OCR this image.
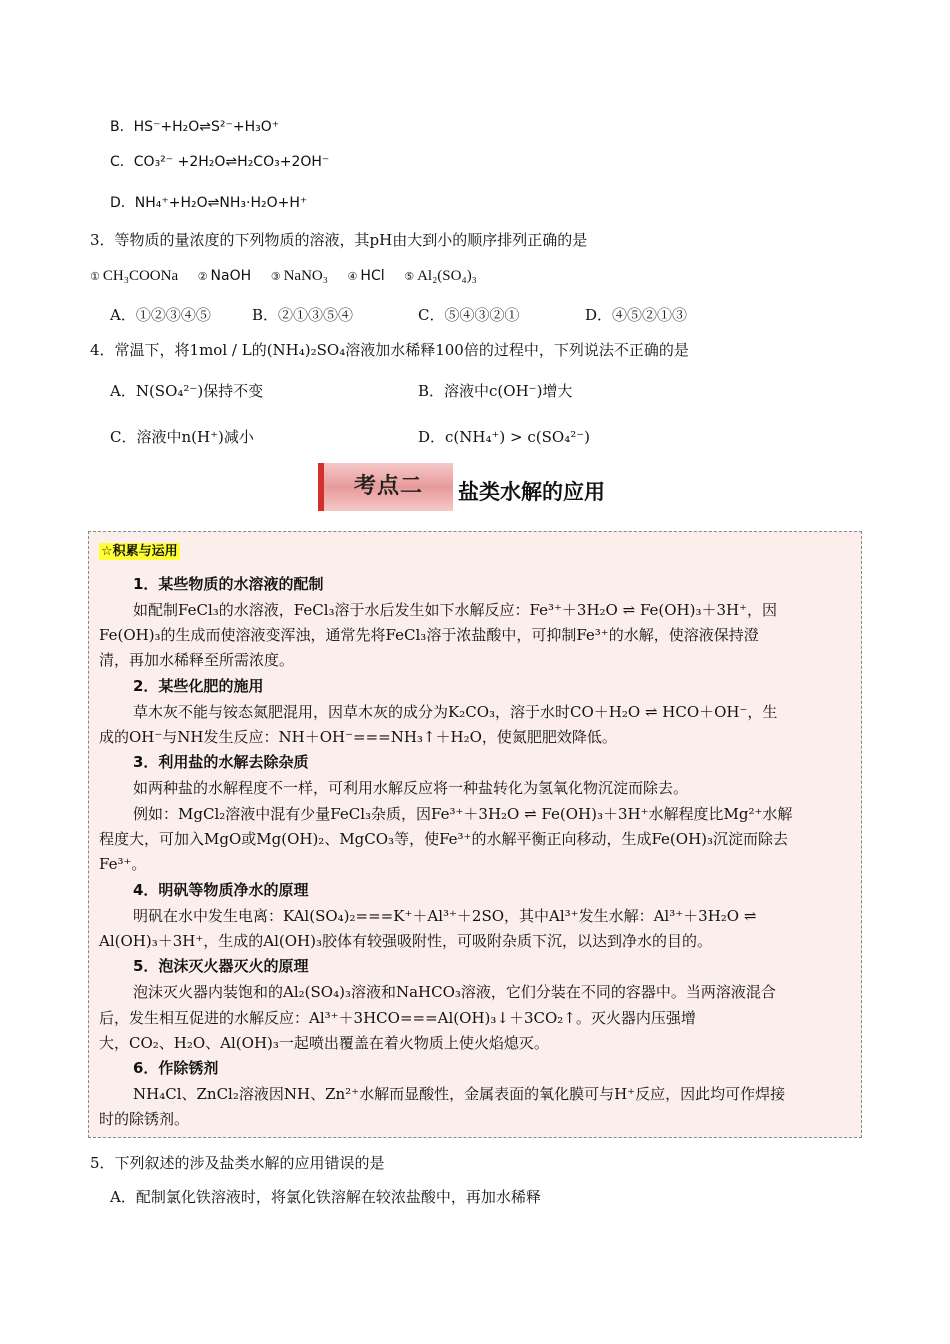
B．HS⁻+H₂O⇌S²⁻+H₃O⁺
C．CO₃²⁻ +2H₂O⇌H₂CO₃+2OH⁻
D．NH₄⁺+H₂O⇌NH₃·H₂O+H⁺
3．等物质的量浓度的下列物质的溶液，其pH由大到小的顺序排列正确的是
① CH₃COONa ② NaOH ③ NaNO₃ ④ HCl ⑤ Al₂(SO₄)₃
A．①②③④⑤	B．②①③⑤④	C．⑤④③②①	D．④⑤②①③
4．常温下，将1mol / L的(NH₄)₂SO₄溶液加水稀释100倍的过程中，下列说法不正确的是
A．N(SO₄²⁻)保持不变	B．溶液中c(OH⁻)增大
C．溶液中n(H⁺)减小	D．c(NH₄⁺) > c(SO₄²⁻)
考点二	盐类水解的应用
☆积累与运用
1．某些物质的水溶液的配制
如配制FeCl₃的水溶液，FeCl₃溶于水后发生如下水解反应：Fe³⁺＋3H₂O ⇌ Fe(OH)₃＋3H⁺，因
Fe(OH)₃的生成而使溶液变浑浊，通常先将FeCl₃溶于浓盐酸中，可抑制Fe³⁺的水解，使溶液保持澄
清，再加水稀释至所需浓度。
2．某些化肥的施用
草木灰不能与铵态氮肥混用，因草木灰的成分为K₂CO₃，溶于水时CO＋H₂O ⇌ HCO＋OH⁻，生
成的OH⁻与NH发生反应：NH＋OH⁻===NH₃↑＋H₂O，使氮肥肥效降低。
3．利用盐的水解去除杂质
如两种盐的水解程度不一样，可利用水解反应将一种盐转化为氢氧化物沉淀而除去。
例如：MgCl₂溶液中混有少量FeCl₃杂质，因Fe³⁺＋3H₂O ⇌ Fe(OH)₃＋3H⁺水解程度比Mg²⁺水解
程度大，可加入MgO或Mg(OH)₂、MgCO₃等，使Fe³⁺的水解平衡正向移动，生成Fe(OH)₃沉淀而除去
Fe³⁺。
4．明矾等物质净水的原理
明矾在水中发生电离：KAl(SO₄)₂===K⁺＋Al³⁺＋2SO，其中Al³⁺发生水解：Al³⁺＋3H₂O ⇌
Al(OH)₃＋3H⁺，生成的Al(OH)₃胶体有较强吸附性，可吸附杂质下沉，以达到净水的目的。
5．泡沫灭火器灭火的原理
泡沫灭火器内装饱和的Al₂(SO₄)₃溶液和NaHCO₃溶液，它们分装在不同的容器中。当两溶液混合
后，发生相互促进的水解反应：Al³⁺＋3HCO===Al(OH)₃↓＋3CO₂↑。灭火器内压强增
大，CO₂、H₂O、Al(OH)₃一起喷出覆盖在着火物质上使火焰熄灭。
6．作除锈剂
NH₄Cl、ZnCl₂溶液因NH、Zn²⁺水解而显酸性，金属表面的氧化膜可与H⁺反应，因此均可作焊接
时的除锈剂。
5．下列叙述的涉及盐类水解的应用错误的是
A．配制氯化铁溶液时，将氯化铁溶解在较浓盐酸中，再加水稀释
